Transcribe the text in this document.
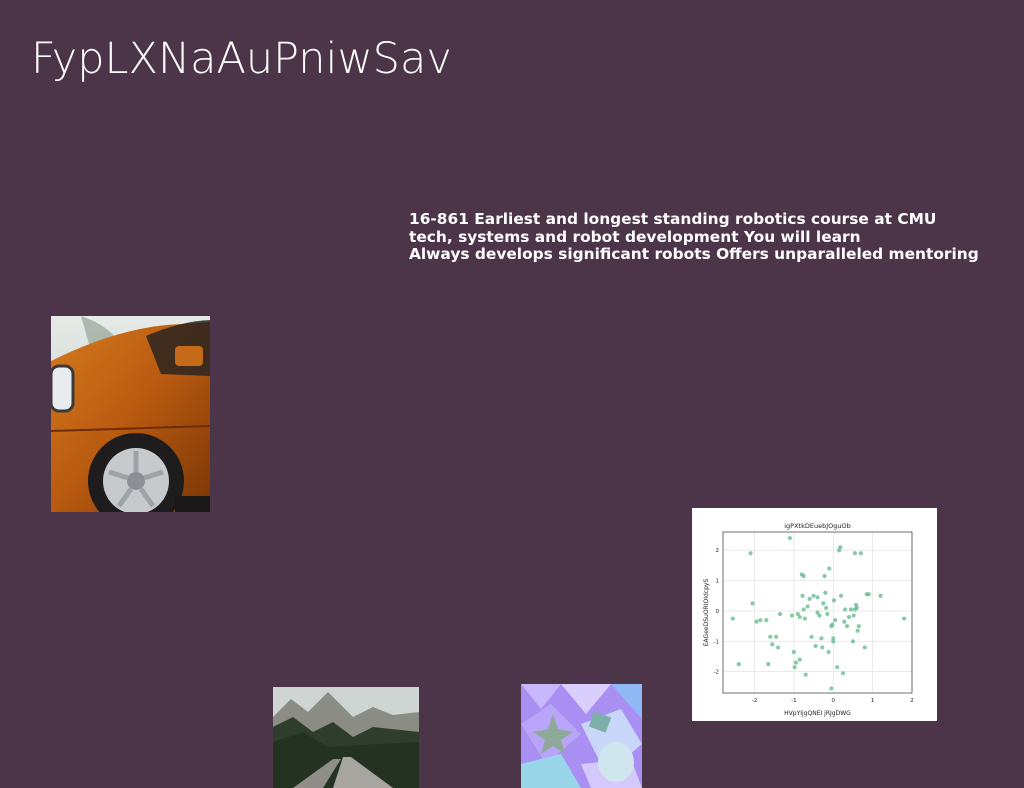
FypLXNaAuPniwSav
16-861 Earliest and longest standing robotics course at CMU
tech, systems and robot development You will learn
Always develops significant robots Offers unparalleled mentoring
-2	-1	0	1	2
-2
-1
0
1
2
igPXtkDEuebJOguOb
HVpYIjgQNEI jRJgDWG
EAGeeDSuORIOIdcpyS
